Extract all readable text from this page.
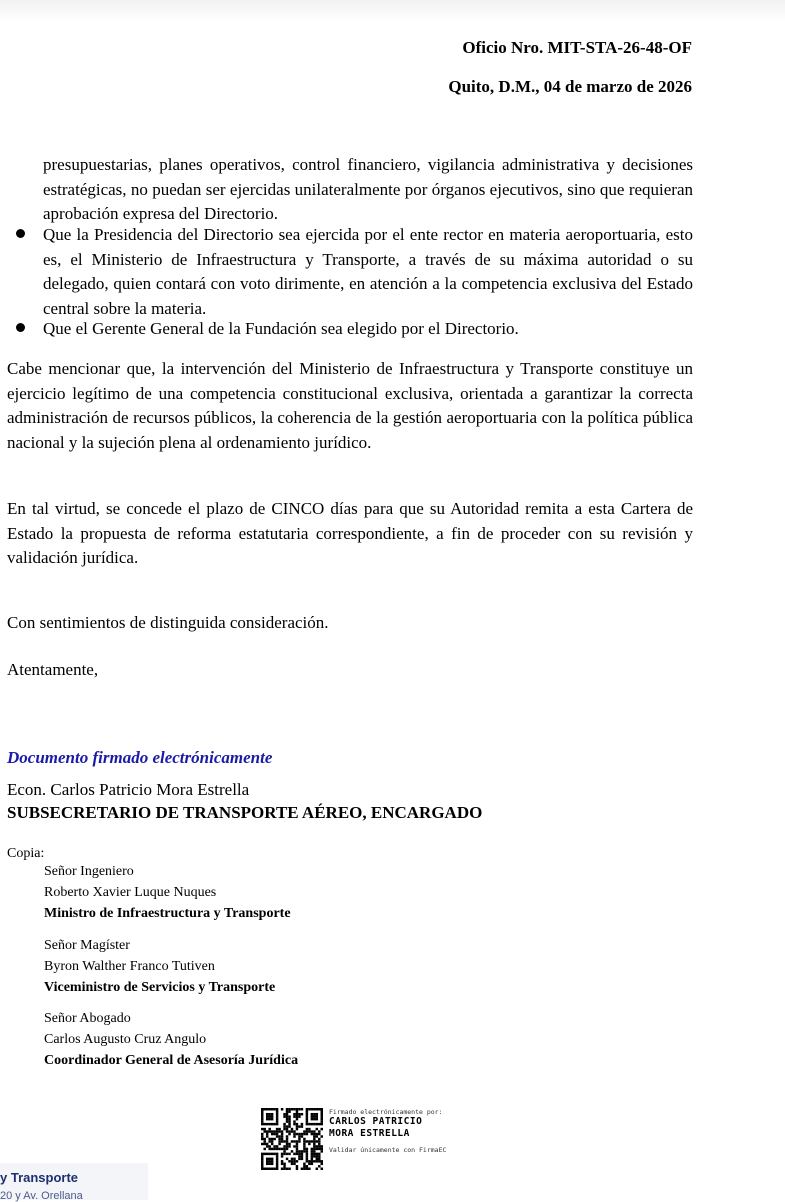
Oficio Nro. MIT-STA-26-48-OF
Quito, D.M., 04 de marzo de 2026
presupuestarias, planes operativos, control financiero, vigilancia administrativa y decisiones estratégicas, no puedan ser ejercidas unilateralmente por órganos ejecutivos, sino que requieran aprobación expresa del Directorio.
Que la Presidencia del Directorio sea ejercida por el ente rector en materia aeroportuaria, esto es, el Ministerio de Infraestructura y Transporte, a través de su máxima autoridad o su delegado, quien contará con voto dirimente, en atención a la competencia exclusiva del Estado central sobre la materia.
Que el Gerente General de la Fundación sea elegido por el Directorio.
Cabe mencionar que, la intervención del Ministerio de Infraestructura y Transporte constituye un ejercicio legítimo de una competencia constitucional exclusiva, orientada a garantizar la correcta administración de recursos públicos, la coherencia de la gestión aeroportuaria con la política pública nacional y la sujeción plena al ordenamiento jurídico.
En tal virtud, se concede el plazo de CINCO días para que su Autoridad remita a esta Cartera de Estado la propuesta de reforma estatutaria correspondiente, a fin de proceder con su revisión y validación jurídica.
Con sentimientos de distinguida consideración.
Atentamente,
Documento firmado electrónicamente
Econ. Carlos Patricio Mora Estrella
SUBSECRETARIO DE TRANSPORTE AÉREO, ENCARGADO
Copia:
Señor Ingeniero
Roberto Xavier Luque Nuques
Ministro de Infraestructura y Transporte
Señor Magíster
Byron Walther Franco Tutiven
Viceministro de Servicios y Transporte
Señor Abogado
Carlos Augusto Cruz Angulo
Coordinador General de Asesoría Jurídica
Firmado electrónicamente por:
CARLOS PATRICIO
MORA ESTRELLA
Validar únicamente con FirmaEC
y Transporte
20 y Av. Orellana
